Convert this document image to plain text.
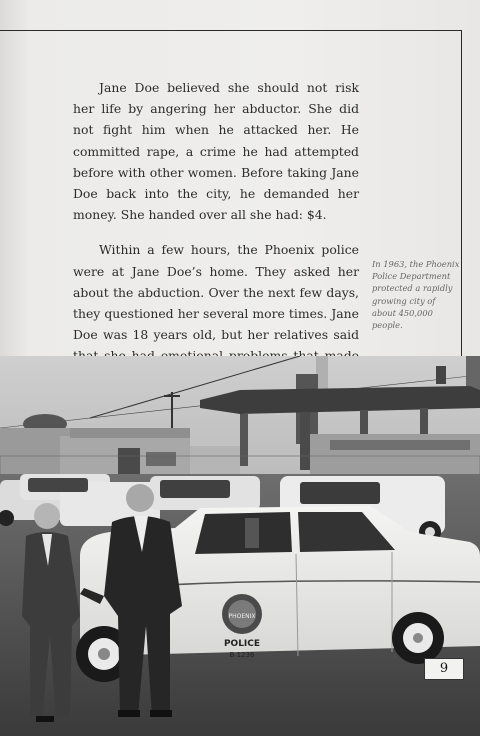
Jane Doe believed she should not risk her life by angering her abductor. She did not fight him when he attacked her. He committed rape, a crime he had attempted before with other women. Before taking Jane Doe back into the city, he demanded her money. She handed over all she had: $4.

Within a few hours, the Phoenix police were at Jane Doe’s home. They asked her about the abduction. Over the next few days, they questioned her several more times. Jane Doe was 18 years old, but her relatives said

In 1963, the Phoenix Police Department protected a rapidly growing city of about 450,000 people.
PHOENIX
POLICE
B 1236
9
